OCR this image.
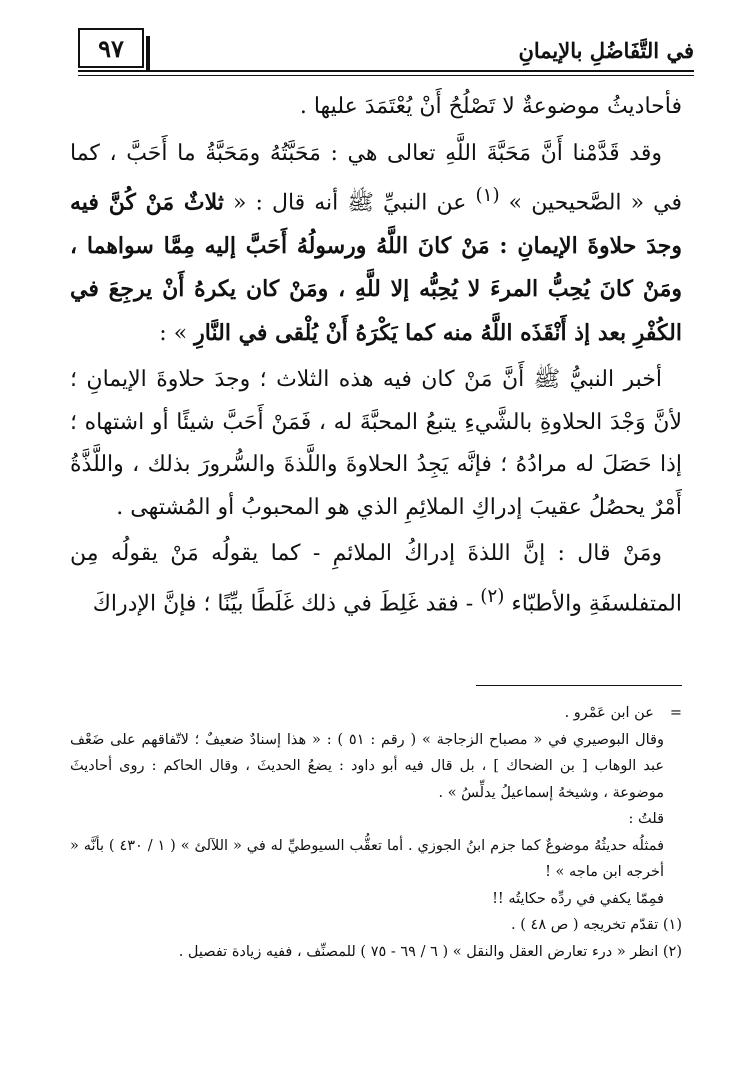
٩٧	في التَّفَاضُلِ بالإيمانِ

فأحاديثُ موضوعةٌ لا تَصْلُحُ أَنْ يُعْتَمَدَ عليها .

وقد قَدَّمْنا أَنَّ مَحَبَّةَ اللَّهِ تعالى هي : مَحَبَّتُهُ ومَحَبَّةُ ما أَحَبَّ ، كما في « الصَّحيحين » $^{(١)}$ عن النبيِّ ﷺ أنه قال : « ثلاثٌ مَنْ كُنَّ فيه وجدَ حلاوةَ الإيمانِ : مَنْ كانَ اللَّهُ ورسولُهُ أَحَبَّ إليه مِمَّا سواهما ، ومَنْ كانَ يُحِبُّ المرءَ لا يُحِبُّه إلا للَّهِ ، ومَنْ كان يكرهُ أَنْ يرجِعَ في الكُفْرِ بعد إذ أَنْقَذَه اللَّهُ منه كما يَكْرَهُ أَنْ يُلْقى في النَّارِ » :

أخبر النبيُّ ﷺ أَنَّ مَنْ كان فيه هذه الثلاث ؛ وجدَ حلاوةَ الإيمانِ ؛ لأنَّ وَجْدَ الحلاوةِ بالشَّيءِ يتبعُ المحبَّةَ له ، فَمَنْ أَحَبَّ شيئًا أو اشتهاه ؛ إذا حَصَلَ له مرادُهُ ؛ فإنَّه يَجِدُ الحلاوةَ واللَّذةَ والسُّرورَ بذلك ، واللَّذَّةُ أَمْرٌ يحصُلُ عقيبَ إدراكِ الملائِمِ الذي هو المحبوبُ أو المُشتهى .

ومَنْ قال : إنَّ اللذةَ إدراكُ الملائمِ - كما يقولُه مَنْ يقولُه مِن المتفلسفَةِ والأطبّاء $^{(٢)}$ - فقد غَلِطَ في ذلك غَلَطًا بيِّنًا ؛ فإنَّ الإدراكَ

=عن ابن عَمْرو .

وقال البوصيري في « مصباح الزجاجة » ( رقم : ٥١ ) : « هذا إسنادٌ ضعيفٌ ؛ لاتّفاقهم على ضَعْف عبد الوهاب [ بن الضحاك ] ، بل قال فيه أبو داود : يضعُ الحديثَ ، وقال الحاكم : روى أحاديثَ موضوعة ، وشيخهُ إسماعيلُ يدلِّسُ » .

قلتُ :

فمثلُه حديثُهُ موضوعٌ كما جزم ابنُ الجوزي . أما تعقُّب السيوطيِّ له في « اللآلئ » ( ١ / ٤٣٠ ) بأنَّه « أخرجه ابن ماجه » !

فمِمّا يكفي في ردِّه حكايتُه !!

(١) تقدّم تخريجه ( ص ٤٨ ) .

(٢) انظر « درء تعارض العقل والنقل » ( ٦ / ٦٩ - ٧٥ ) للمصنِّف ، ففيه زيادة تفصيل .
